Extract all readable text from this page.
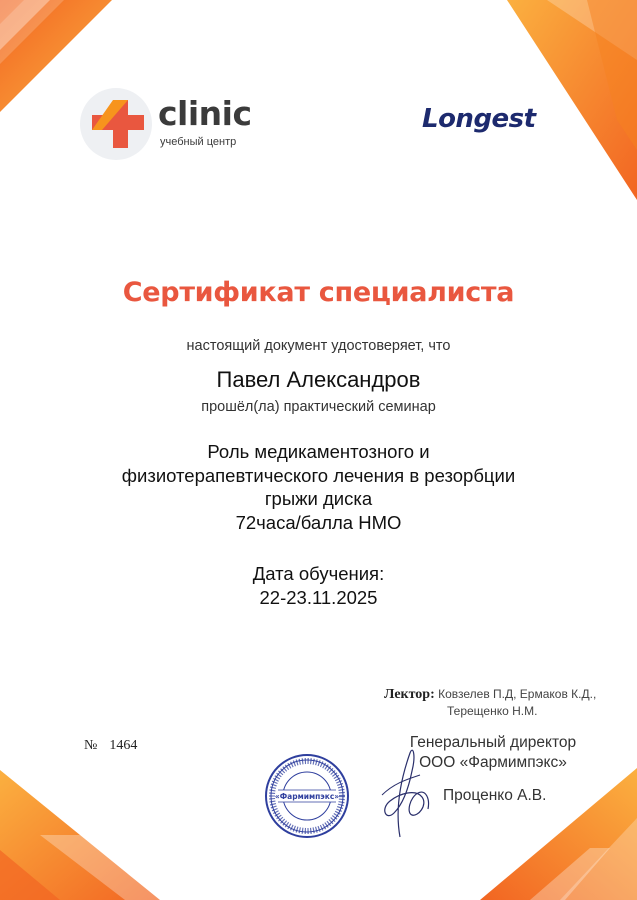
clinic
учебный центр
Longest
Сертификат специалиста
настоящий документ удостоверяет, что
Павел Александров
прошёл(ла) практический семинар
Роль медикаментозного и
физиотерапевтического лечения в резорбции
грыжи диска
72часа/балла НМО
Дата обучения:
22-23.11.2025
Лектор: Ковзелев П.Д, Ермаков К.Д.,
Терещенко Н.М.
№ 1464
«Фармимпэкс»
Генеральный директор
ООО «Фармимпэкс»
Проценко А.В.
